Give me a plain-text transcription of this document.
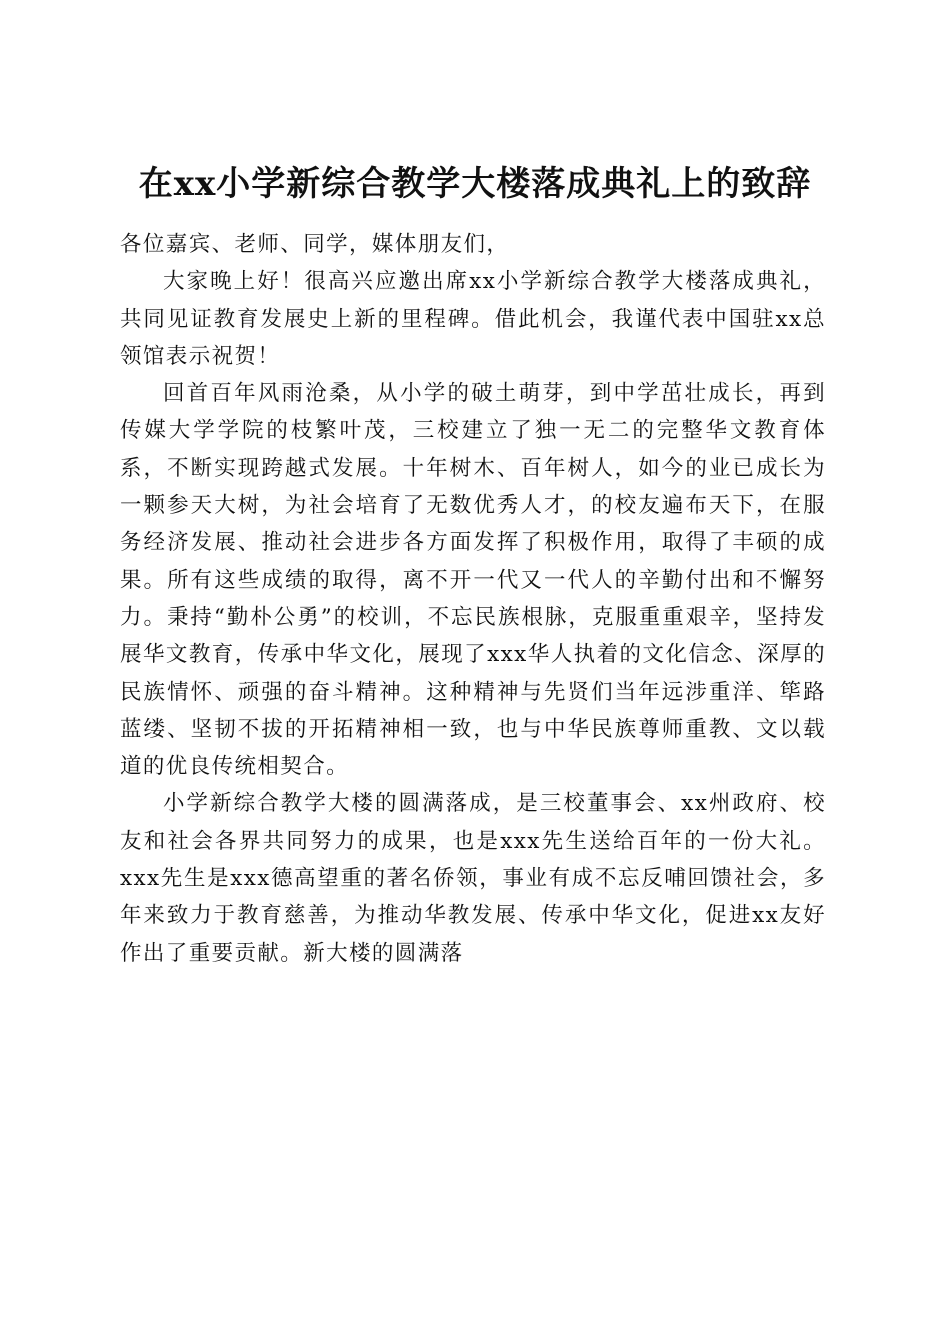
在xx小学新综合教学大楼落成典礼上的致辞

各位嘉宾、老师、同学，媒体朋友们，

大家晚上好！很高兴应邀出席xx小学新综合教学大楼落成典礼，共同见证教育发展史上新的里程碑。借此机会，我谨代表中国驻xx总领馆表示祝贺！

回首百年风雨沧桑，从小学的破土萌芽，到中学茁壮成长，再到传媒大学学院的枝繁叶茂，三校建立了独一无二的完整华文教育体系，不断实现跨越式发展。十年树木、百年树人，如今的业已成长为一颗参天大树，为社会培育了无数优秀人才，的校友遍布天下，在服务经济发展、推动社会进步各方面发挥了积极作用，取得了丰硕的成果。所有这些成绩的取得，离不开一代又一代人的辛勤付出和不懈努力。秉持“勤朴公勇”的校训，不忘民族根脉，克服重重艰辛，坚持发展华文教育，传承中华文化，展现了xxx华人执着的文化信念、深厚的民族情怀、顽强的奋斗精神。这种精神与先贤们当年远涉重洋、筚路蓝缕、坚韧不拔的开拓精神相一致，也与中华民族尊师重教、文以载道的优良传统相契合。

小学新综合教学大楼的圆满落成，是三校董事会、xx州政府、校友和社会各界共同努力的成果，也是xxx先生送给百年的一份大礼。xxx先生是xxx德高望重的著名侨领，事业有成不忘反哺回馈社会，多年来致力于教育慈善，为推动华教发展、传承中华文化，促进xx友好作出了重要贡献。新大楼的圆满落
